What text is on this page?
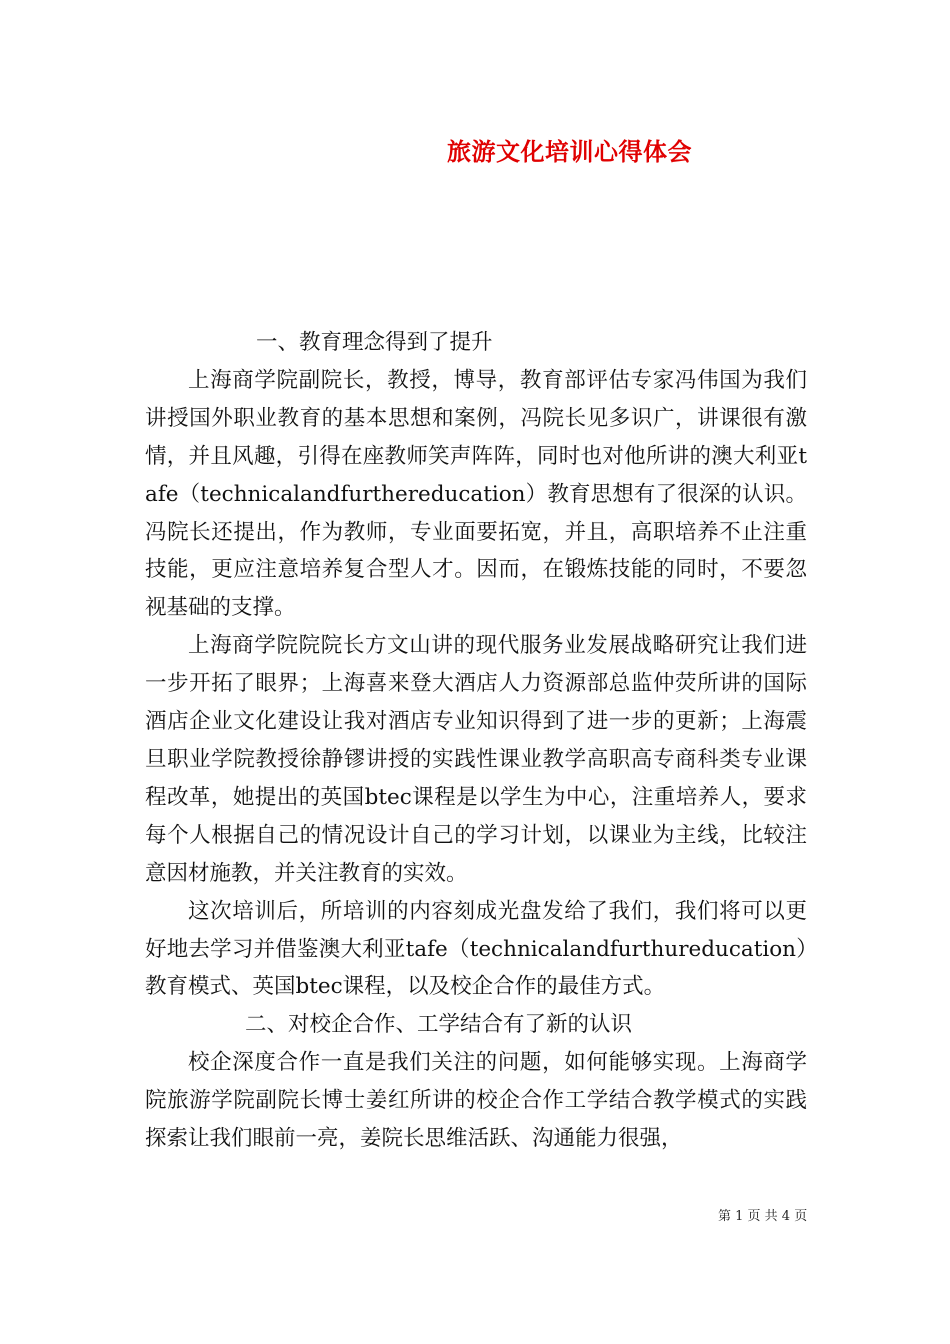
旅游文化培训心得体会

一、教育理念得到了提升

上海商学院副院长，教授，博导，教育部评估专家冯伟国为我们讲授国外职业教育的基本思想和案例，冯院长见多识广，讲课很有激情，并且风趣，引得在座教师笑声阵阵，同时也对他所讲的澳大利亚tafe（technicalandfurthereducation）教育思想有了很深的认识。冯院长还提出，作为教师，专业面要拓宽，并且，高职培养不止注重技能，更应注意培养复合型人才。因而，在锻炼技能的同时，不要忽视基础的支撑。

上海商学院院院长方文山讲的现代服务业发展战略研究让我们进一步开拓了眼界；上海喜来登大酒店人力资源部总监仲荧所讲的国际酒店企业文化建设让我对酒店专业知识得到了进一步的更新；上海震旦职业学院教授徐静镠讲授的实践性课业教学高职高专商科类专业课程改革，她提出的英国btec课程是以学生为中心，注重培养人，要求每个人根据自己的情况设计自己的学习计划，以课业为主线，比较注意因材施教，并关注教育的实效。

这次培训后，所培训的内容刻成光盘发给了我们，我们将可以更好地去学习并借鉴澳大利亚tafe（technicalandfurthureducation）教育模式、英国btec课程，以及校企合作的最佳方式。

二、对校企合作、工学结合有了新的认识

校企深度合作一直是我们关注的问题，如何能够实现。上海商学院旅游学院副院长博士姜红所讲的校企合作工学结合教学模式的实践探索让我们眼前一亮，姜院长思维活跃、沟通能力很强，

第 1 页 共 4 页
